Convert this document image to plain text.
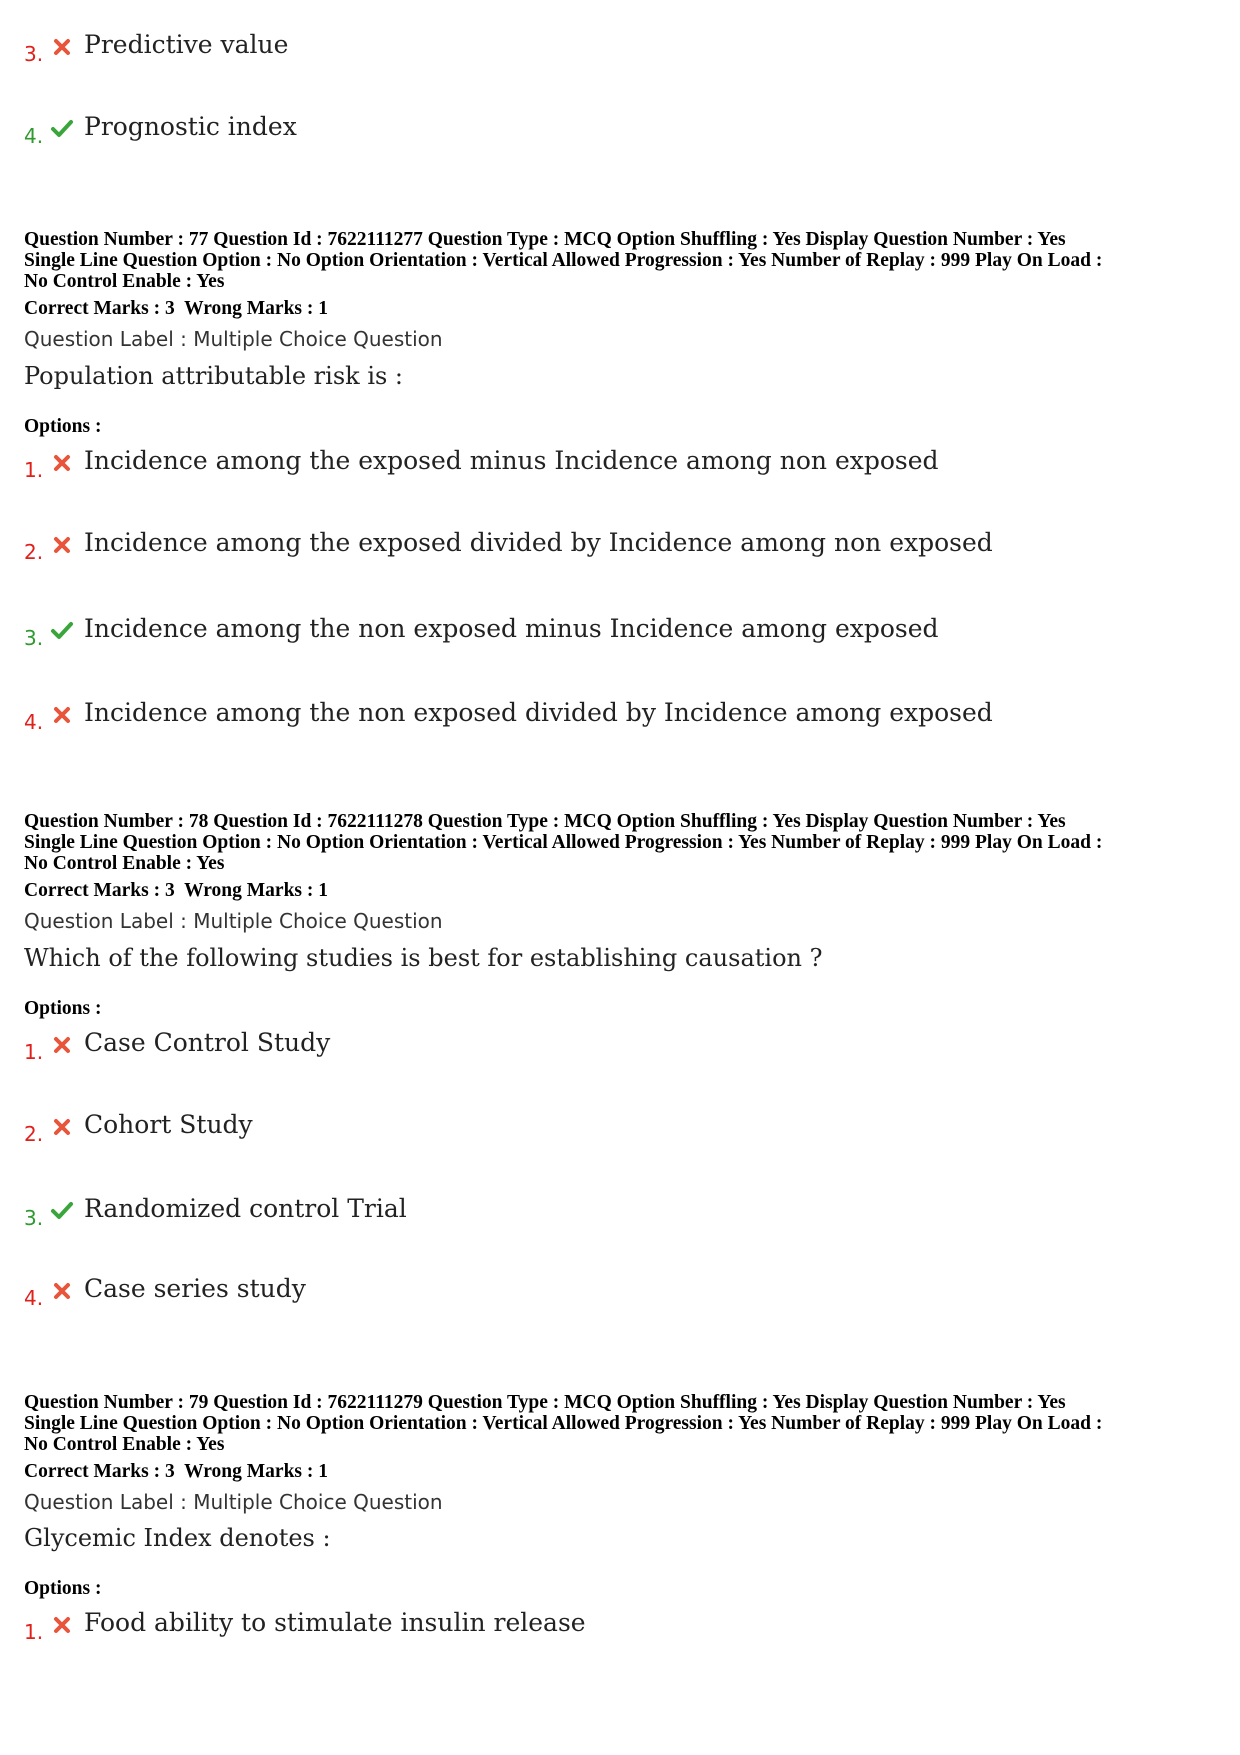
3. Predictive value
4. Prognostic index
Question Number : 77 Question Id : 7622111277 Question Type : MCQ Option Shuffling : Yes Display Question Number : Yes
Single Line Question Option : No Option Orientation : Vertical Allowed Progression : Yes Number of Replay : 999 Play On Load :
No Control Enable : Yes
Correct Marks : 3  Wrong Marks : 1
Question Label : Multiple Choice Question
Population attributable risk is :
Options :
1. Incidence among the exposed minus Incidence among non exposed
2. Incidence among the exposed divided by Incidence among non exposed
3. Incidence among the non exposed minus Incidence among exposed
4. Incidence among the non exposed divided by Incidence among exposed
Question Number : 78 Question Id : 7622111278 Question Type : MCQ Option Shuffling : Yes Display Question Number : Yes
Single Line Question Option : No Option Orientation : Vertical Allowed Progression : Yes Number of Replay : 999 Play On Load :
No Control Enable : Yes
Correct Marks : 3  Wrong Marks : 1
Question Label : Multiple Choice Question
Which of the following studies is best for establishing causation ?
Options :
1. Case Control Study
2. Cohort Study
3. Randomized control Trial
4. Case series study
Question Number : 79 Question Id : 7622111279 Question Type : MCQ Option Shuffling : Yes Display Question Number : Yes
Single Line Question Option : No Option Orientation : Vertical Allowed Progression : Yes Number of Replay : 999 Play On Load :
No Control Enable : Yes
Correct Marks : 3  Wrong Marks : 1
Question Label : Multiple Choice Question
Glycemic Index denotes :
Options :
1. Food ability to stimulate insulin release
